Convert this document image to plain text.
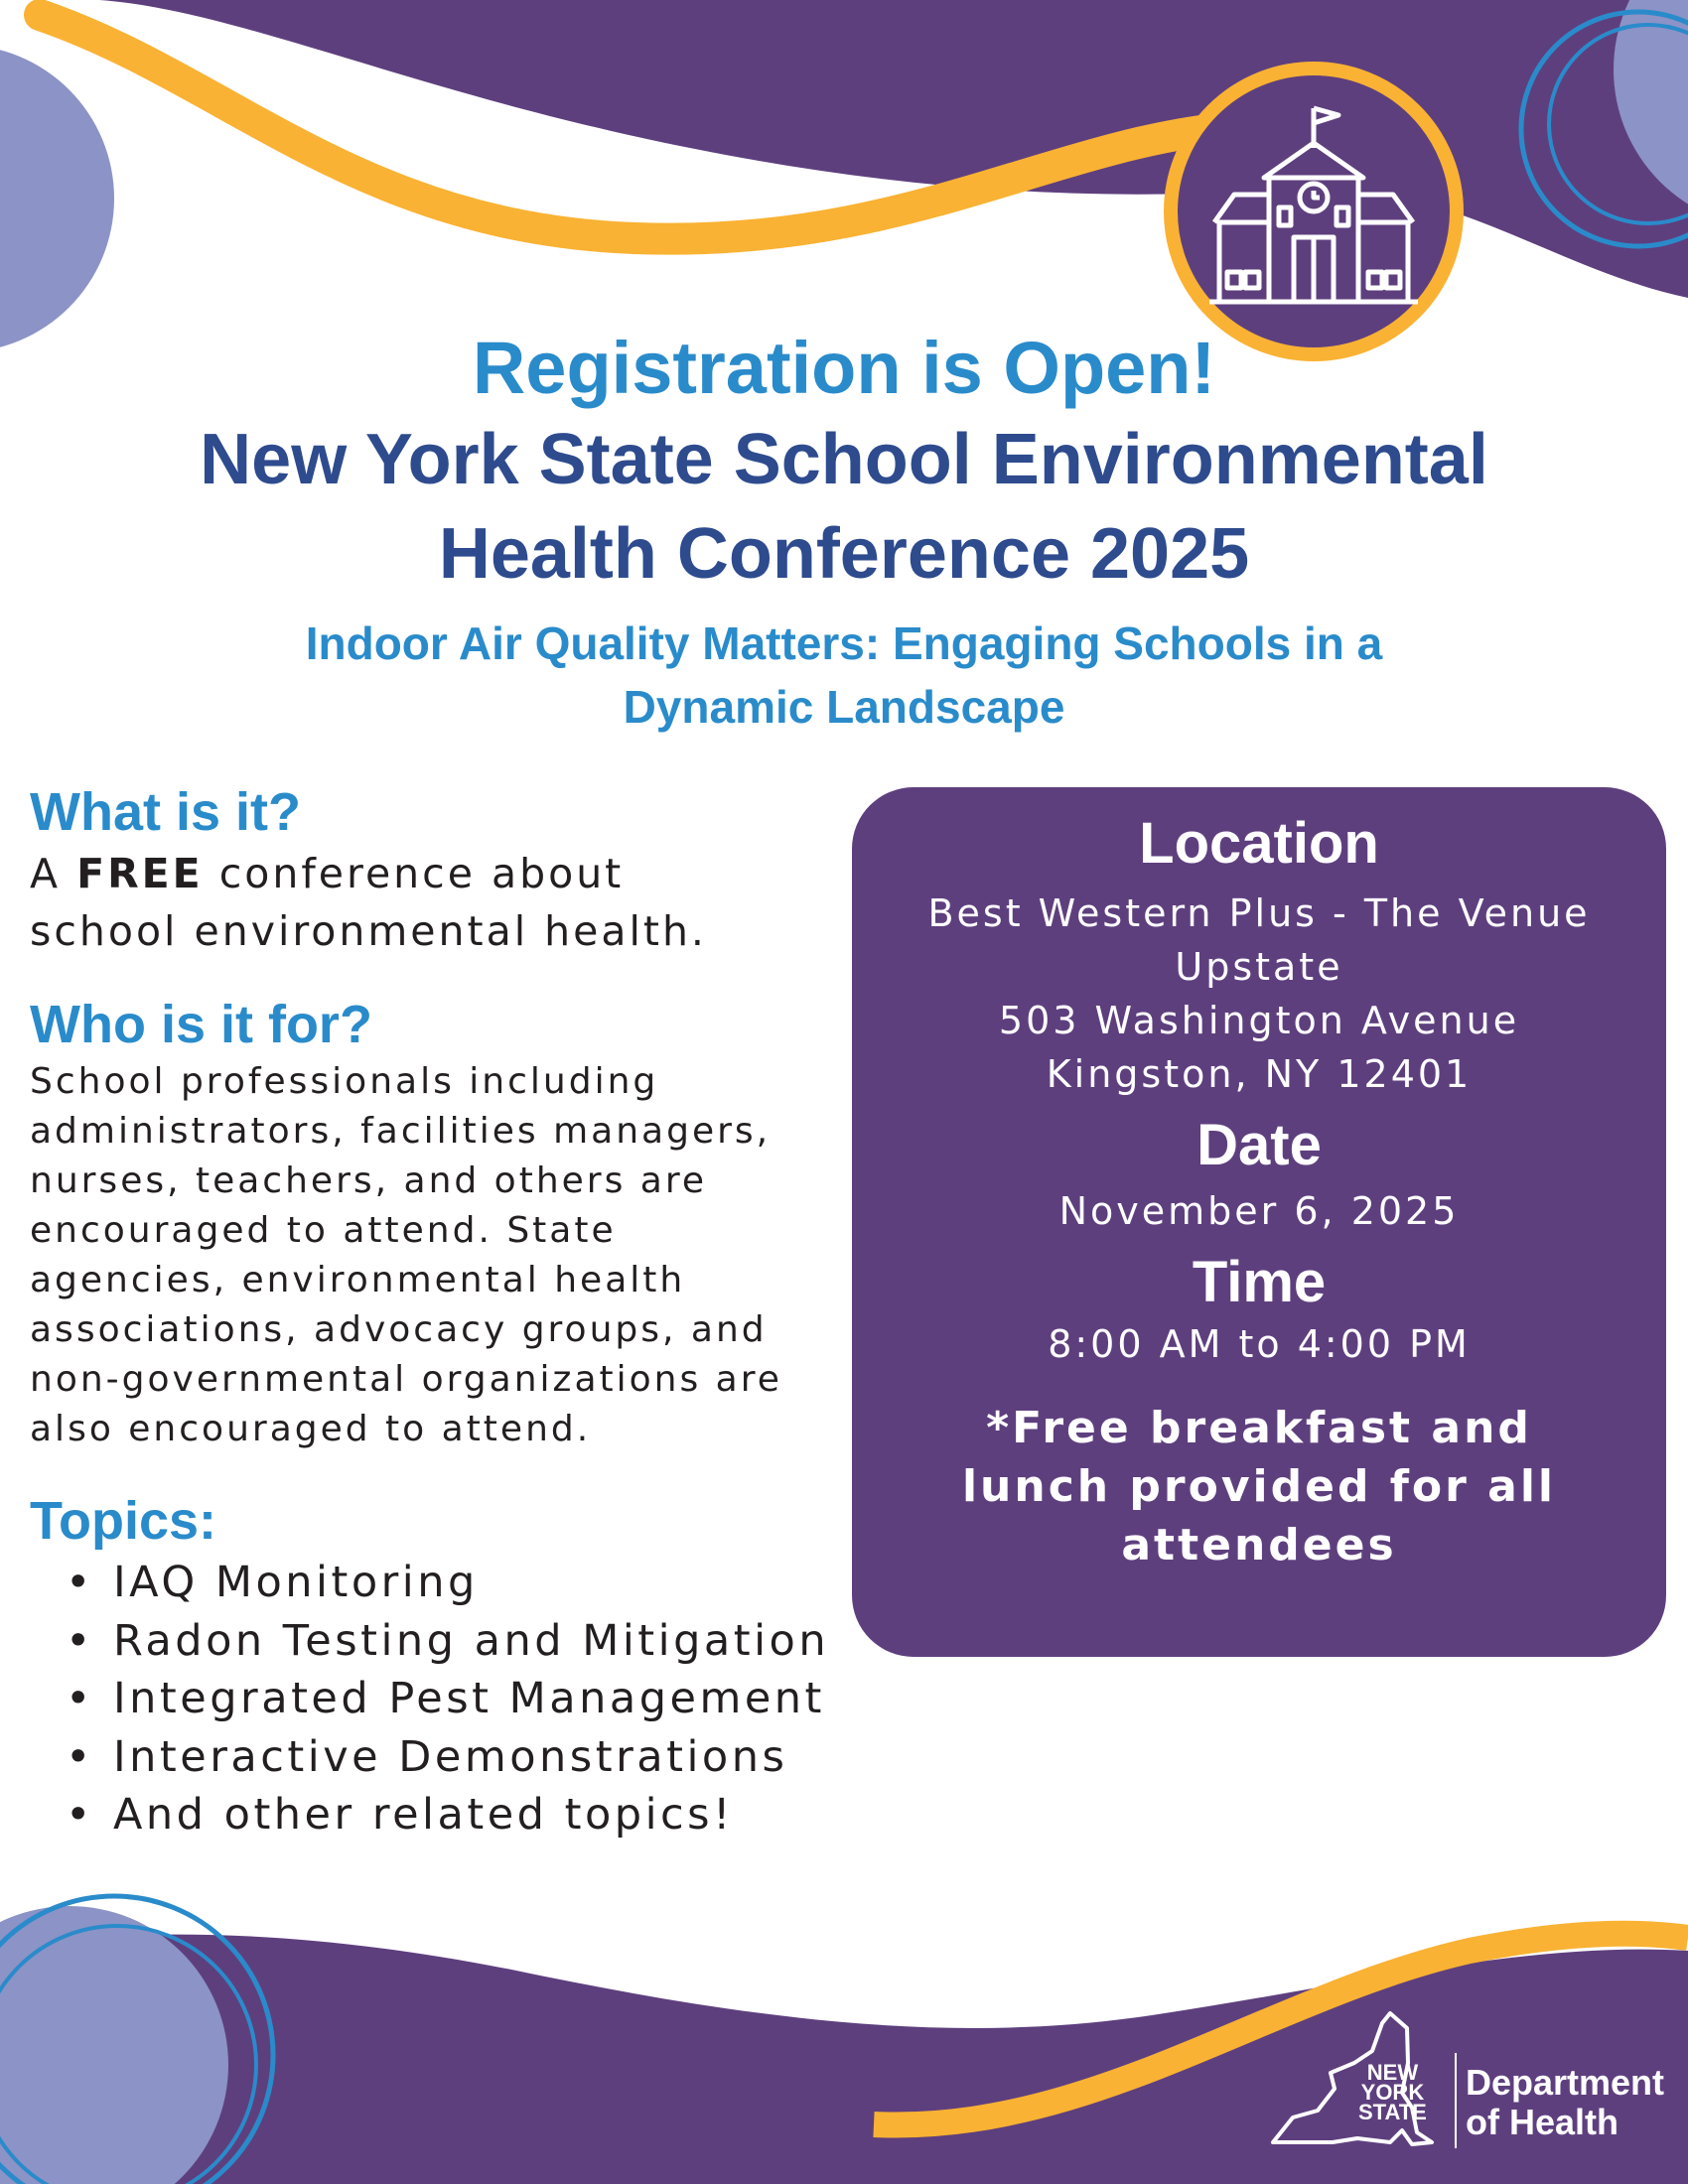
Registration is Open!

New York State School Environmental

Health Conference 2025

Indoor Air Quality Matters: Engaging Schools in a
Dynamic Landscape
What is it?

A FREE conference about

school environmental health.

Who is it for?

School professionals including

administrators, facilities managers,

nurses, teachers, and others are

encouraged to attend. State

agencies, environmental health

associations, advocacy groups, and

non-governmental organizations are

also encouraged to attend.

Topics:
• IAQ Monitoring
• Radon Testing and Mitigation
• Integrated Pest Management
• Interactive Demonstrations
• And other related topics!
Location

Best Western Plus - The Venue

Upstate

503 Washington Avenue

Kingston, NY 12401

Date

November 6, 2025

Time

8:00 AM to 4:00 PM

*Free breakfast and

lunch provided for all

attendees

NEW
YORK
STATE
Department
of Health
